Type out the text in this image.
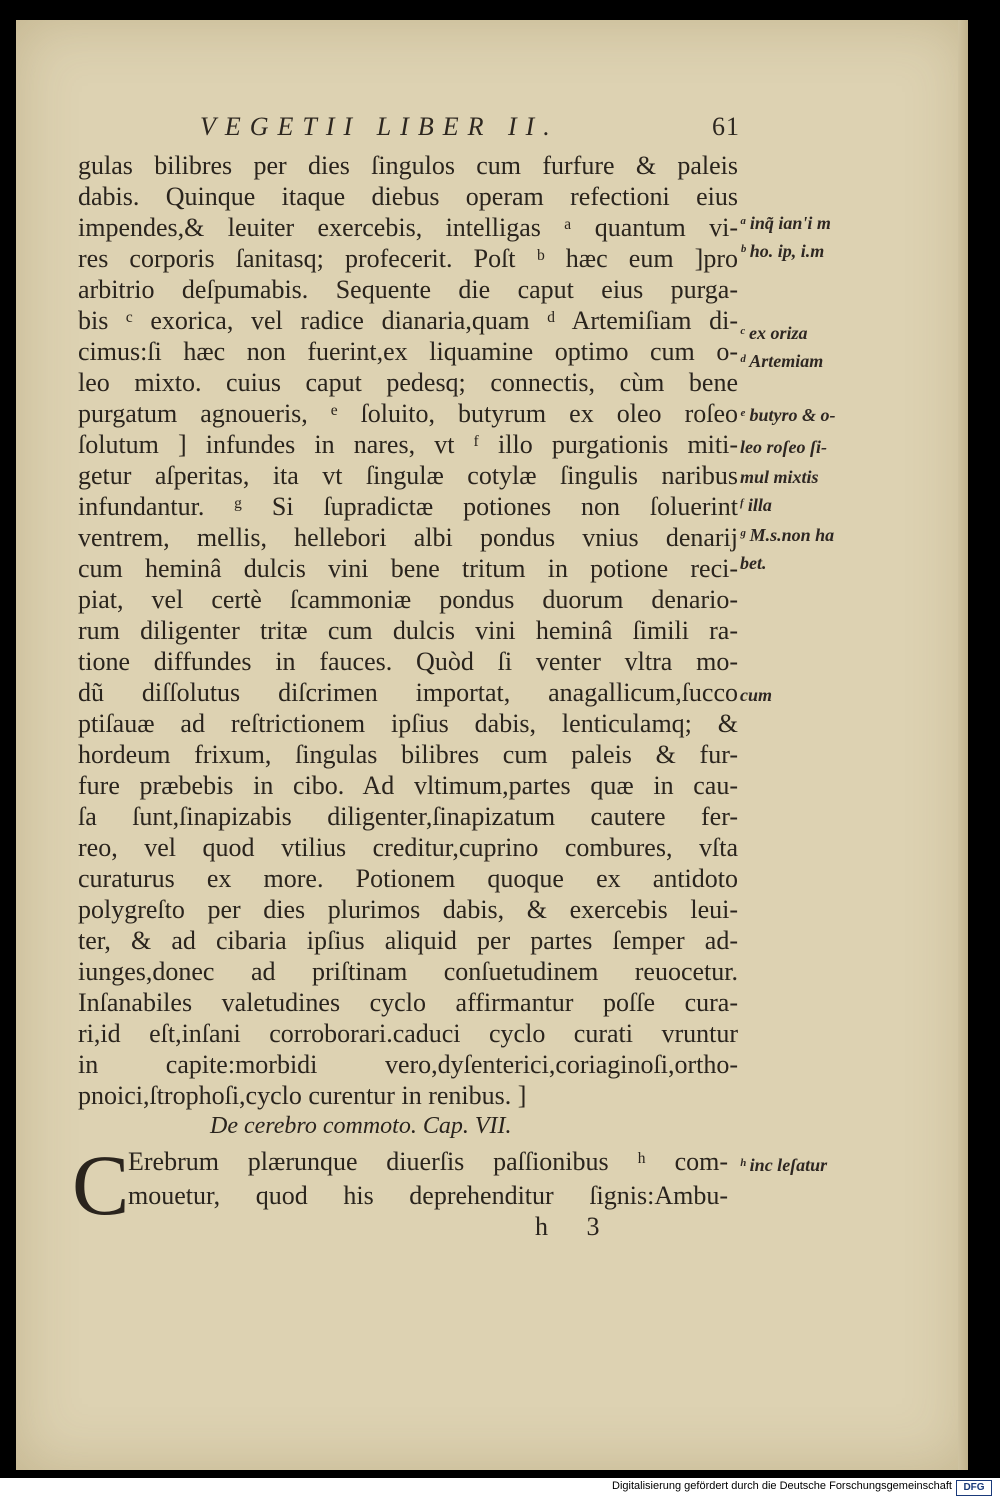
VEGETII LIBER II.	61
gulas bilibres per dies ſingulos cum furfure & paleis
dabis. Quinque itaque diebus operam refectioni eius
impendes,& leuiter exercebis, intelligas ᵃ quantum vi-
res corporis ſanitasq; profecerit. Poſt ᵇ hæc eum ]pro
arbitrio deſpumabis. Sequente die caput eius purga-
bis ᶜ exorica, vel radice dianaria,quam ᵈ Artemiſiam di-
cimus:ſi hæc non fuerint,ex liquamine optimo cum o-
leo mixto. cuius caput pedesq; connectis, cùm bene
purgatum agnoueris, ᵉ ſoluito, butyrum ex oleo roſeo
ſolutum ] infundes in nares, vt ᶠ illo purgationis miti-
getur aſperitas, ita vt ſingulæ cotylæ ſingulis naribus
infundantur. ᵍ Si ſupradictæ potiones non ſoluerint
ventrem, mellis, hellebori albi pondus vnius denarij
cum heminâ dulcis vini bene tritum in potione reci-
piat, vel certè ſcammoniæ pondus duorum denario-
rum diligenter tritæ cum dulcis vini heminâ ſimili ra-
tione diffundes in fauces. Quòd ſi venter vltra mo-
dũ diſſolutus diſcrimen importat, anagallicum,ſucco
ptiſauæ ad reſtrictionem ipſius dabis, lenticulamq; &
hordeum frixum, ſingulas bilibres cum paleis & fur-
fure præbebis in cibo. Ad vltimum,partes quæ in cau-
ſa ſunt,ſinapizabis diligenter,ſinapizatum cautere fer-
reo, vel quod vtilius creditur,cuprino combures, vſta
curaturus ex more. Potionem quoque ex antidoto
polygreſto per dies plurimos dabis, & exercebis leui-
ter, & ad cibaria ipſius aliquid per partes ſemper ad-
iunges,donec ad priſtinam conſuetudinem reuocetur.
Inſanabiles valetudines cyclo affirmantur poſſe cura-
ri,id eſt,inſani corroborari.caduci cyclo curati vruntur
in capite:morbidi vero,dyſenterici,coriaginoſi,ortho-
pnoici,ſtrophoſi,cyclo curentur in renibus. ]
De cerebro commoto. Cap. VII.
C
Erebrum plærunque diuerſis paſſionibus ʰ com-
mouetur, quod his deprehenditur ſignis:Ambu-
h 3
ᵃ inq̃ ian'i m
ᵇ ho. ip, i.m
ᶜ ex oriza
ᵈ Artemiam
ᵉ butyro & o-
leo roſeo ſi-
mul mixtis
ᶠ illa
ᵍ M.s.non ha
bet.
cum
ʰ inc leſatur
Digitalisierung gefördert durch die Deutsche Forschungsgemeinschaft	DFG
